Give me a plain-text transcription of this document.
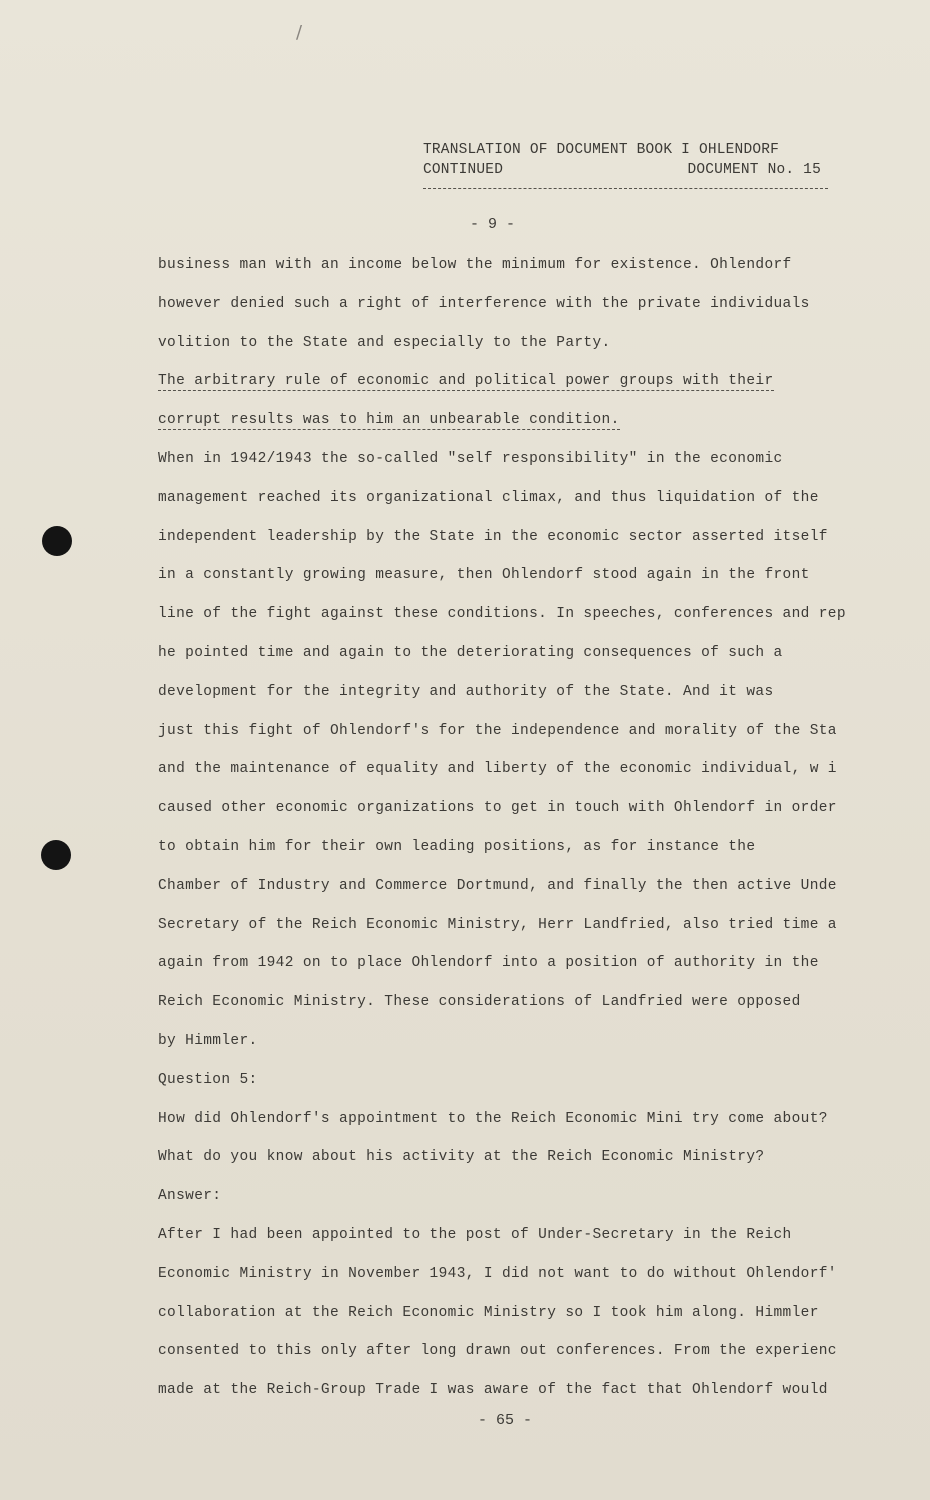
/
TRANSLATION OF DOCUMENT BOOK I OHLENDORF
CONTINUED	DOCUMENT No. 15
- 9 -
business man with an income below the minimum for existence. Ohlendorf
however denied such a right of interference with the private individuals
volition to the State and especially to the Party.
The arbitrary rule of economic and political power groups with their
corrupt results was to him an unbearable condition.
When in 1942/1943 the so-called "self responsibility" in the economic
management reached its organizational climax, and thus liquidation of the
independent leadership by the State in the economic sector asserted itself
in a constantly growing measure, then Ohlendorf stood again in the front
line of the fight against these conditions. In speeches, conferences and rep
he pointed time and again to the deteriorating consequences of such a
development for the integrity and authority of the State. And it was
just this fight of Ohlendorf's for the independence and morality of the Sta
and the maintenance of equality and liberty of the economic individual, w i
caused other economic organizations to get in touch with Ohlendorf in order
to obtain him for their own leading positions, as for instance the
Chamber of Industry and Commerce Dortmund, and finally the then active Unde
Secretary of the Reich Economic Ministry, Herr Landfried, also tried time a
again from 1942 on to place Ohlendorf into a position of authority in the
Reich Economic Ministry. These considerations of Landfried were opposed
by Himmler.
Question 5:
How did Ohlendorf's appointment to the Reich Economic Mini try come about?
What do you know about his activity at the Reich Economic Ministry?
Answer:
After I had been appointed to the post of Under-Secretary in the Reich
Economic Ministry in November 1943, I did not want to do without Ohlendorf'
collaboration at the Reich Economic Ministry so I took him along. Himmler
consented to this only after long drawn out conferences. From the experienc
made at the Reich-Group Trade I was aware of the fact that Ohlendorf would
- 65 -
